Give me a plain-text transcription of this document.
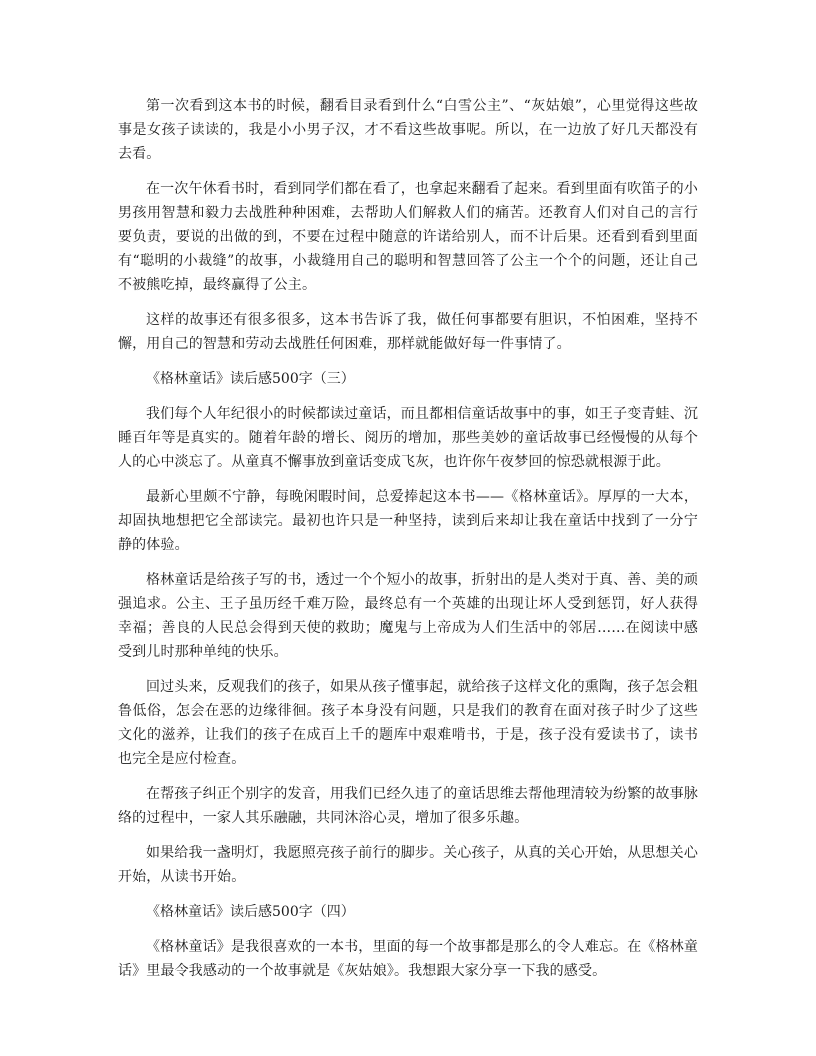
第一次看到这本书的时候，翻看目录看到什么“白雪公主”、“灰姑娘”，心里觉得这些故事是女孩子读读的，我是小小男子汉，才不看这些故事呢。所以，在一边放了好几天都没有去看。

在一次午休看书时，看到同学们都在看了，也拿起来翻看了起来。看到里面有吹笛子的小男孩用智慧和毅力去战胜种种困难，去帮助人们解救人们的痛苦。还教育人们对自己的言行要负责，要说的出做的到，不要在过程中随意的许诺给别人，而不计后果。还看到看到里面有“聪明的小裁缝”的故事，小裁缝用自己的聪明和智慧回答了公主一个个的问题，还让自己不被熊吃掉，最终赢得了公主。

这样的故事还有很多很多，这本书告诉了我，做任何事都要有胆识，不怕困难，坚持不懈，用自己的智慧和劳动去战胜任何困难，那样就能做好每一件事情了。

《格林童话》读后感500字（三）

我们每个人年纪很小的时候都读过童话，而且都相信童话故事中的事，如王子变青蛙、沉睡百年等是真实的。随着年龄的增长、阅历的增加，那些美妙的童话故事已经慢慢的从每个人的心中淡忘了。从童真不懈事放到童话变成飞灰，也许你午夜梦回的惊恐就根源于此。

最新心里颇不宁静，每晚闲暇时间，总爱捧起这本书——《格林童话》。厚厚的一大本，却固执地想把它全部读完。最初也许只是一种坚持，读到后来却让我在童话中找到了一分宁静的体验。

格林童话是给孩子写的书，透过一个个短小的故事，折射出的是人类对于真、善、美的顽强追求。公主、王子虽历经千难万险，最终总有一个英雄的出现让坏人受到惩罚，好人获得幸福；善良的人民总会得到天使的救助；魔鬼与上帝成为人们生活中的邻居……在阅读中感受到儿时那种单纯的快乐。

回过头来，反观我们的孩子，如果从孩子懂事起，就给孩子这样文化的熏陶，孩子怎会粗鲁低俗，怎会在恶的边缘徘徊。孩子本身没有问题，只是我们的教育在面对孩子时少了这些文化的滋养，让我们的孩子在成百上千的题库中艰难啃书，于是，孩子没有爱读书了，读书也完全是应付检查。

在帮孩子纠正个别字的发音，用我们已经久违了的童话思维去帮他理清较为纷繁的故事脉络的过程中，一家人其乐融融，共同沐浴心灵，增加了很多乐趣。

如果给我一盏明灯，我愿照亮孩子前行的脚步。关心孩子，从真的关心开始，从思想关心开始，从读书开始。

《格林童话》读后感500字（四）

《格林童话》是我很喜欢的一本书，里面的每一个故事都是那么的令人难忘。在《格林童话》里最令我感动的一个故事就是《灰姑娘》。我想跟大家分享一下我的感受。
